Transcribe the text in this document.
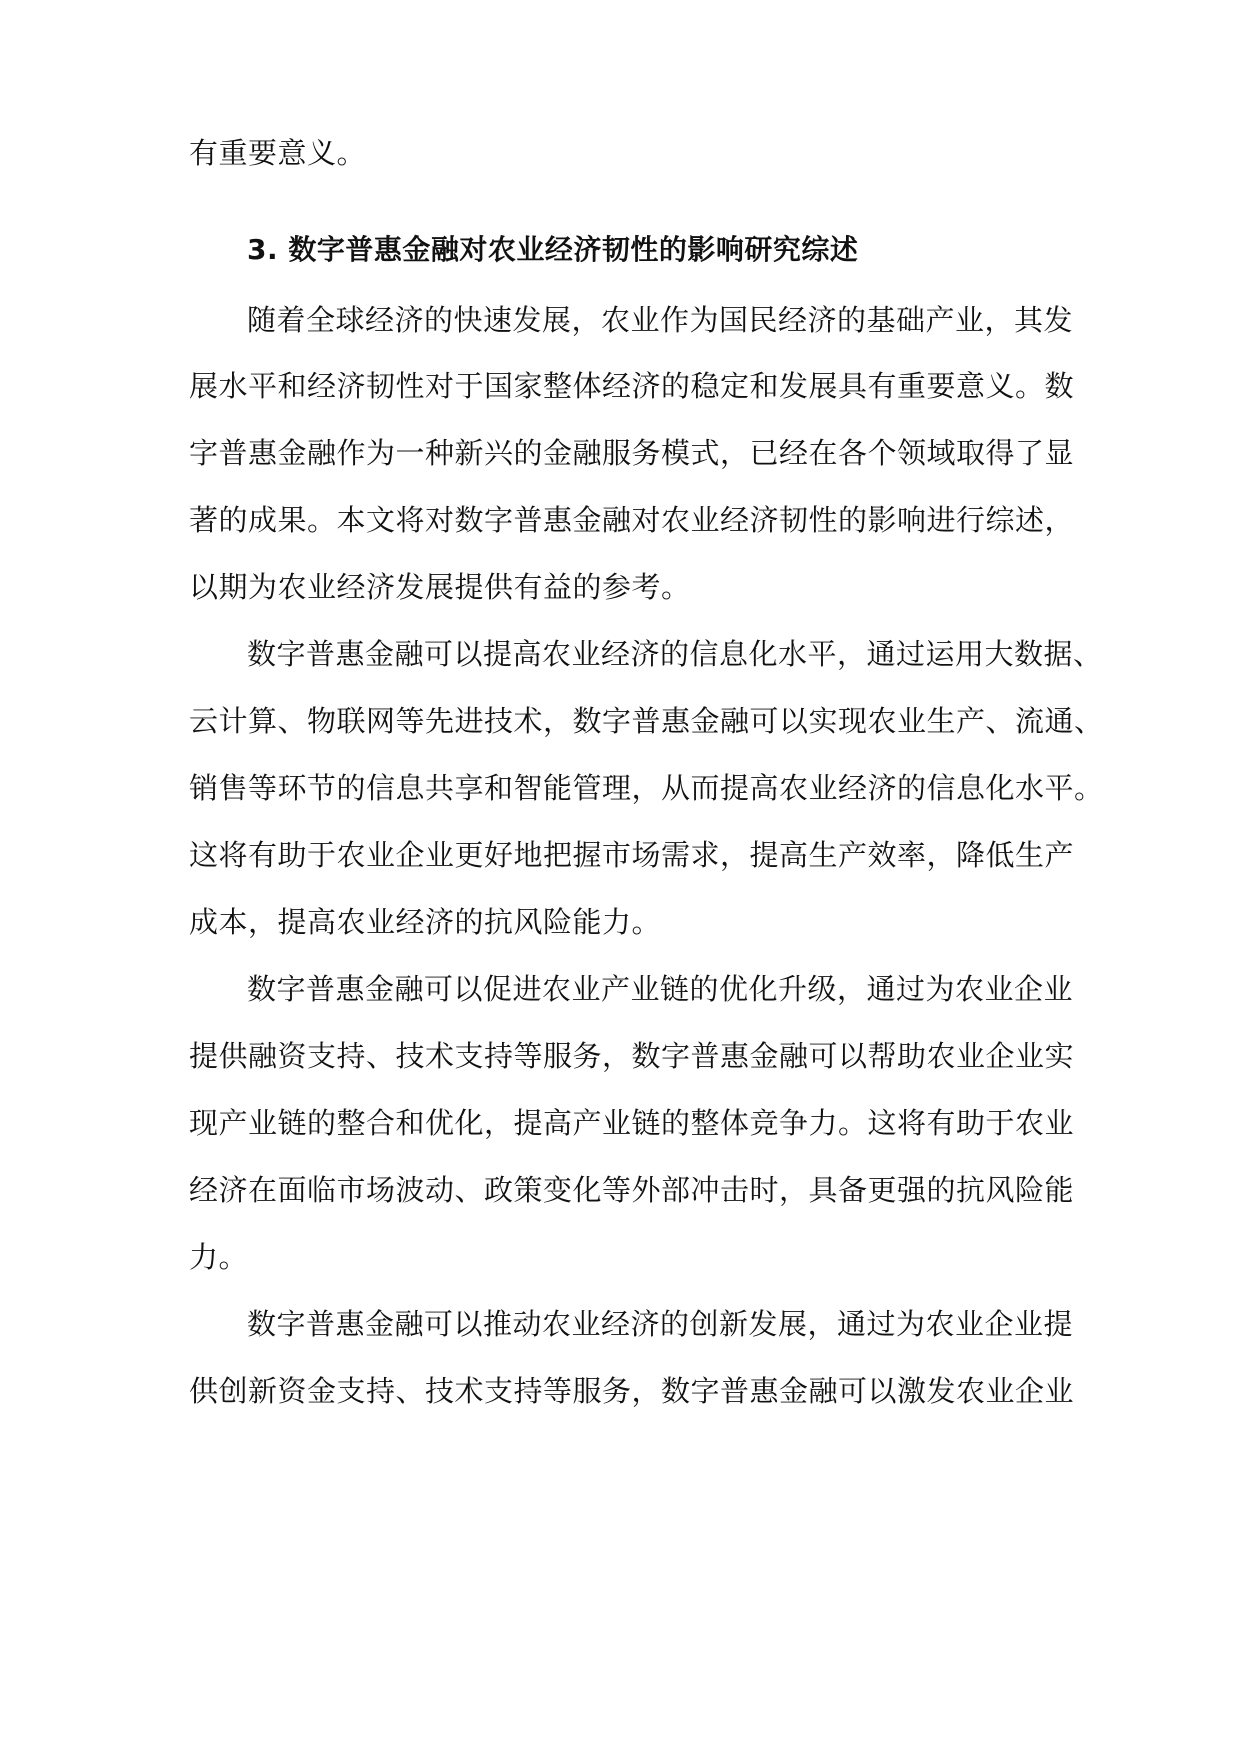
有重要意义。
3. 数字普惠金融对农业经济韧性的影响研究综述
随着全球经济的快速发展，农业作为国民经济的基础产业，其发
展水平和经济韧性对于国家整体经济的稳定和发展具有重要意义。数
字普惠金融作为一种新兴的金融服务模式，已经在各个领域取得了显
著的成果。本文将对数字普惠金融对农业经济韧性的影响进行综述，
以期为农业经济发展提供有益的参考。
数字普惠金融可以提高农业经济的信息化水平，通过运用大数据、
云计算、物联网等先进技术，数字普惠金融可以实现农业生产、流通、
销售等环节的信息共享和智能管理，从而提高农业经济的信息化水平。
这将有助于农业企业更好地把握市场需求，提高生产效率，降低生产
成本，提高农业经济的抗风险能力。
数字普惠金融可以促进农业产业链的优化升级，通过为农业企业
提供融资支持、技术支持等服务，数字普惠金融可以帮助农业企业实
现产业链的整合和优化，提高产业链的整体竞争力。这将有助于农业
经济在面临市场波动、政策变化等外部冲击时，具备更强的抗风险能
力。
数字普惠金融可以推动农业经济的创新发展，通过为农业企业提
供创新资金支持、技术支持等服务，数字普惠金融可以激发农业企业
